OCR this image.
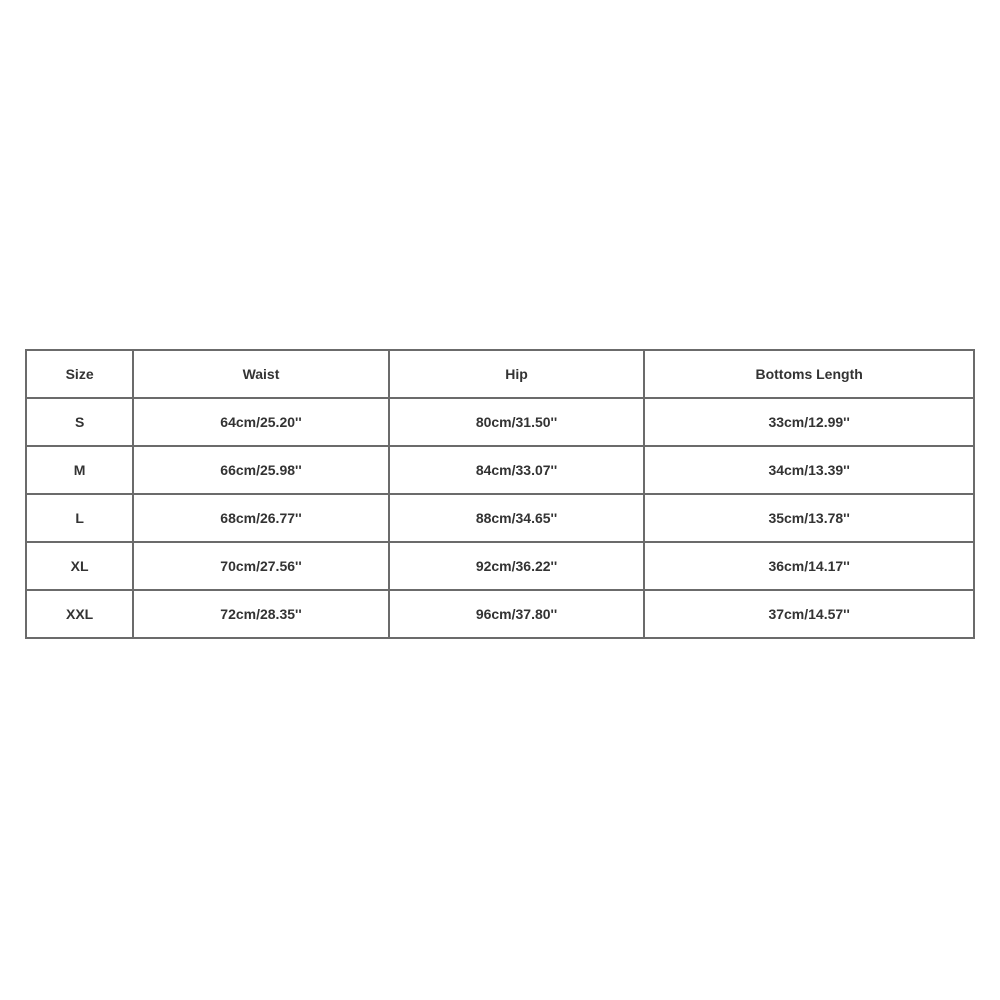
Size	Waist	Hip	Bottoms Length
S	64cm/25.20''	80cm/31.50''	33cm/12.99''
M	66cm/25.98''	84cm/33.07''	34cm/13.39''
L	68cm/26.77''	88cm/34.65''	35cm/13.78''
XL	70cm/27.56''	92cm/36.22''	36cm/14.17''
XXL	72cm/28.35''	96cm/37.80''	37cm/14.57''
